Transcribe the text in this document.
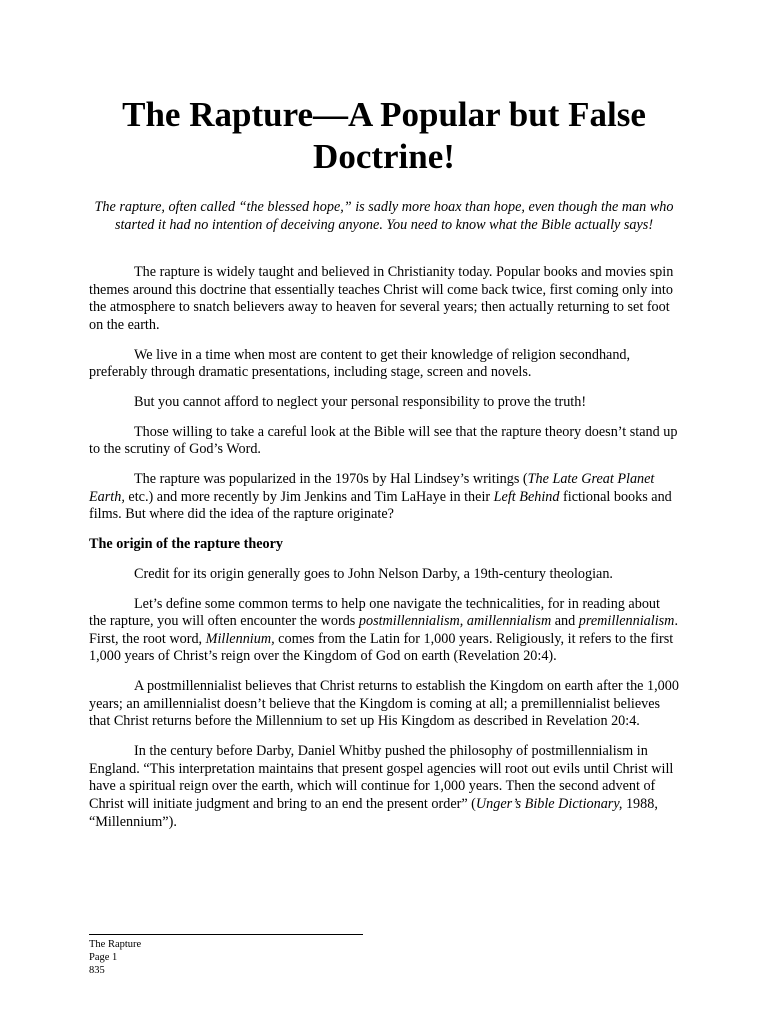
The Rapture—A Popular but False Doctrine!

The rapture, often called “the blessed hope,” is sadly more hoax than hope, even though the man who started it had no intention of deceiving anyone. You need to know what the Bible actually says!

The rapture is widely taught and believed in Christianity today. Popular books and movies spin themes around this doctrine that essentially teaches Christ will come back twice, first coming only into the atmosphere to snatch believers away to heaven for several years; then actually returning to set foot on the earth.

We live in a time when most are content to get their knowledge of religion secondhand, preferably through dramatic presentations, including stage, screen and novels.

But you cannot afford to neglect your personal responsibility to prove the truth!

Those willing to take a careful look at the Bible will see that the rapture theory doesn’t stand up to the scrutiny of God’s Word.

The rapture was popularized in the 1970s by Hal Lindsey’s writings (The Late Great Planet Earth, etc.) and more recently by Jim Jenkins and Tim LaHaye in their Left Behind fictional books and films. But where did the idea of the rapture originate?

The origin of the rapture theory

Credit for its origin generally goes to John Nelson Darby, a 19th-century theologian.

Let’s define some common terms to help one navigate the technicalities, for in reading about the rapture, you will often encounter the words postmillennialism, amillennialism and premillennialism. First, the root word, Millennium, comes from the Latin for 1,000 years. Religiously, it refers to the first 1,000 years of Christ’s reign over the Kingdom of God on earth (Revelation 20:4).

A postmillennialist believes that Christ returns to establish the Kingdom on earth after the 1,000 years; an amillennialist doesn’t believe that the Kingdom is coming at all; a premillennialist believes that Christ returns before the Millennium to set up His Kingdom as described in Revelation 20:4.

In the century before Darby, Daniel Whitby pushed the philosophy of postmillennialism in England. “This interpretation maintains that present gospel agencies will root out evils until Christ will have a spiritual reign over the earth, which will continue for 1,000 years. Then the second advent of Christ will initiate judgment and bring to an end the present order” (Unger’s Bible Dictionary, 1988, “Millennium”).

The Rapture
Page 1
835
